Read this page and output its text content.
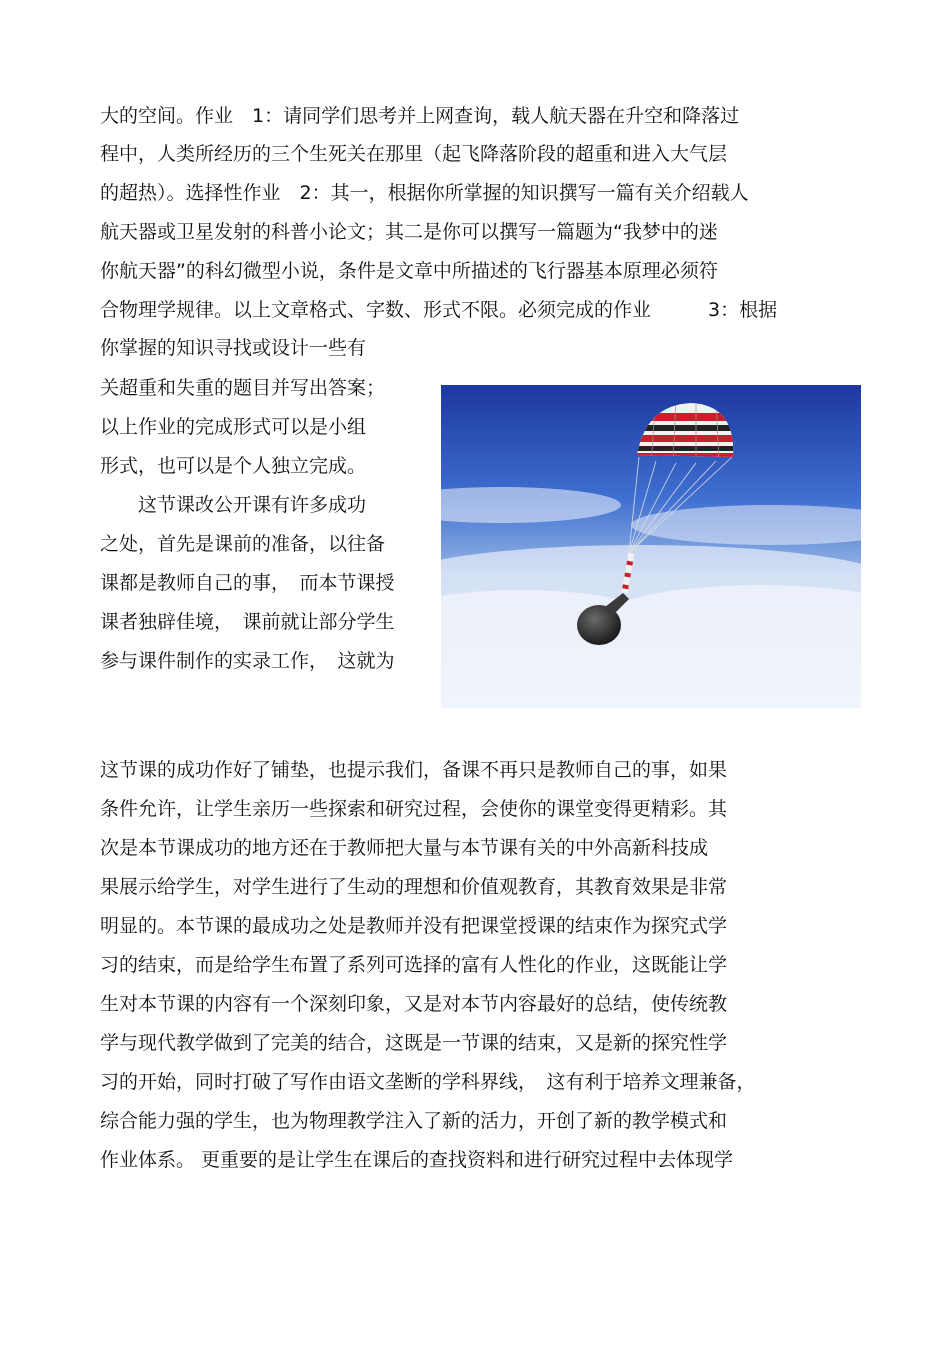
大的空间。作业　1：请同学们思考并上网查询，载人航天器在升空和降落过
程中，人类所经历的三个生死关在那里（起飞降落阶段的超重和进入大气层
的超热）。选择性作业　2：其一，根据你所掌握的知识撰写一篇有关介绍载人
航天器或卫星发射的科普小论文；其二是你可以撰写一篇题为“我梦中的迷
你航天器”的科幻微型小说，条件是文章中所描述的飞行器基本原理必须符
合物理学规律。以上文章格式、字数、形式不限。必须完成的作业　　　3：根据
你掌握的知识寻找或设计一些有
关超重和失重的题目并写出答案；
以上作业的完成形式可以是小组
形式，也可以是个人独立完成。
　　这节课改公开课有许多成功
之处，首先是课前的准备，以往备
课都是教师自己的事，　而本节课授
课者独辟佳境，　课前就让部分学生
参与课件制作的实录工作，　这就为
这节课的成功作好了铺垫，也提示我们，备课不再只是教师自己的事，如果
条件允许，让学生亲历一些探索和研究过程，会使你的课堂变得更精彩。其
次是本节课成功的地方还在于教师把大量与本节课有关的中外高新科技成
果展示给学生，对学生进行了生动的理想和价值观教育，其教育效果是非常
明显的。本节课的最成功之处是教师并没有把课堂授课的结束作为探究式学
习的结束，而是给学生布置了系列可选择的富有人性化的作业，这既能让学
生对本节课的内容有一个深刻印象，又是对本节内容最好的总结，使传统教
学与现代教学做到了完美的结合，这既是一节课的结束，又是新的探究性学
习的开始，同时打破了写作由语文垄断的学科界线，　这有利于培养文理兼备，
综合能力强的学生，也为物理教学注入了新的活力，开创了新的教学模式和
作业体系。 更重要的是让学生在课后的查找资料和进行研究过程中去体现学
